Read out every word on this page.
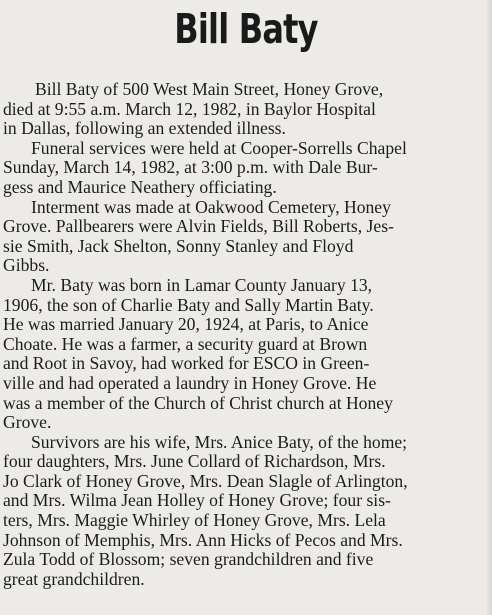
Bill Baty
Bill Baty of 500 West Main Street, Honey Grove,
died at 9:55 a.m. March 12, 1982, in Baylor Hospital
in Dallas, following an extended illness.
Funeral services were held at Cooper-Sorrells Chapel
Sunday, March 14, 1982, at 3:00 p.m. with Dale Bur-
gess and Maurice Neathery officiating.
Interment was made at Oakwood Cemetery, Honey
Grove. Pallbearers were Alvin Fields, Bill Roberts, Jes-
sie Smith, Jack Shelton, Sonny Stanley and Floyd
Gibbs.
Mr. Baty was born in Lamar County January 13,
1906, the son of Charlie Baty and Sally Martin Baty.
He was married January 20, 1924, at Paris, to Anice
Choate. He was a farmer, a security guard at Brown
and Root in Savoy, had worked for ESCO in Green-
ville and had operated a laundry in Honey Grove. He
was a member of the Church of Christ church at Honey
Grove.
Survivors are his wife, Mrs. Anice Baty, of the home;
four daughters, Mrs. June Collard of Richardson, Mrs.
Jo Clark of Honey Grove, Mrs. Dean Slagle of Arlington,
and Mrs. Wilma Jean Holley of Honey Grove; four sis-
ters, Mrs. Maggie Whirley of Honey Grove, Mrs. Lela
Johnson of Memphis, Mrs. Ann Hicks of Pecos and Mrs.
Zula Todd of Blossom; seven grandchildren and five
great grandchildren.
